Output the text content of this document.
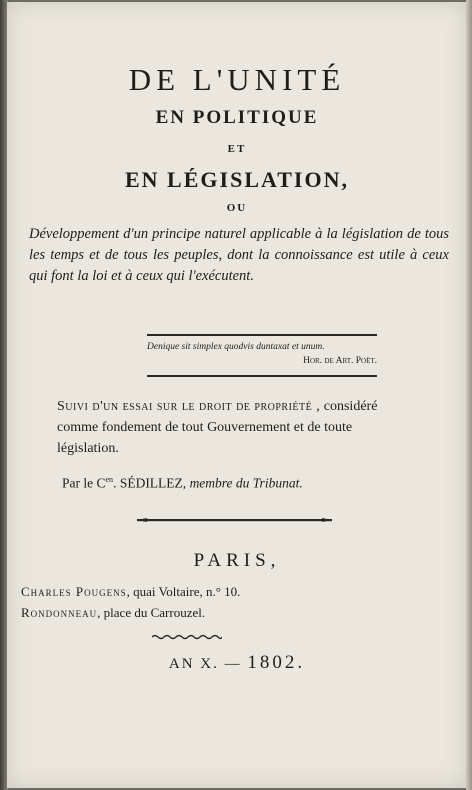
DE L'UNITÉ
EN POLITIQUE
ET
EN LÉGISLATION,
OU
Développement d'un principe naturel applicable à la législation de tous les temps et de tous les peuples, dont la connoissance est utile à ceux qui font la loi et à ceux qui l'exécutent.
Denique sit simplex quodvis duntaxat et unum.
Hor. de Art. Poët.
Suivi d'un essai sur le droit de propriété , considéré comme fondement de tout Gouvernement et de toute législation.
Par le $C^{en}$. SÉDILLEZ, membre du Tribunat.
PARIS,
Charles Pougens, quai Voltaire, n.° 10.
Rondonneau, place du Carrouzel.
AN X. — 1802.
